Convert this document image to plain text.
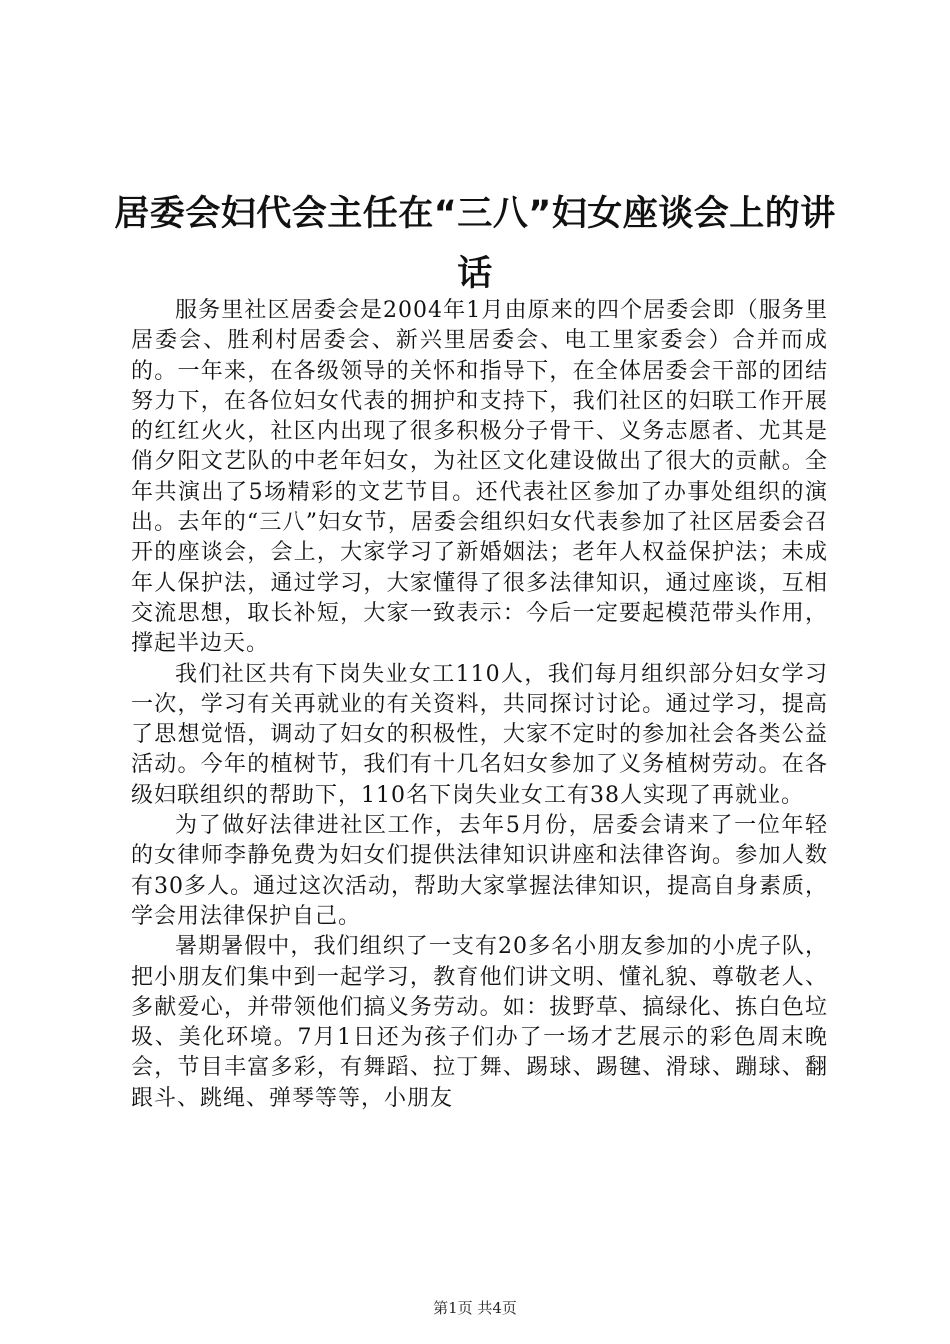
居委会妇代会主任在“三八”妇女座谈会上的讲话

服务里社区居委会是2004年1月由原来的四个居委会即（服务里居委会、胜利村居委会、新兴里居委会、电工里家委会）合并而成的。一年来，在各级领导的关怀和指导下，在全体居委会干部的团结努力下，在各位妇女代表的拥护和支持下，我们社区的妇联工作开展的红红火火，社区内出现了很多积极分子骨干、义务志愿者、尤其是俏夕阳文艺队的中老年妇女，为社区文化建设做出了很大的贡献。全年共演出了5场精彩的文艺节目。还代表社区参加了办事处组织的演出。去年的“三八”妇女节，居委会组织妇女代表参加了社区居委会召开的座谈会，会上，大家学习了新婚姻法；老年人权益保护法；未成年人保护法，通过学习，大家懂得了很多法律知识，通过座谈，互相交流思想，取长补短，大家一致表示：今后一定要起模范带头作用，撑起半边天。

我们社区共有下岗失业女工110人，我们每月组织部分妇女学习一次，学习有关再就业的有关资料，共同探讨讨论。通过学习，提高了思想觉悟，调动了妇女的积极性，大家不定时的参加社会各类公益活动。今年的植树节，我们有十几名妇女参加了义务植树劳动。在各级妇联组织的帮助下，110名下岗失业女工有38人实现了再就业。

为了做好法律进社区工作，去年5月份，居委会请来了一位年轻的女律师李静免费为妇女们提供法律知识讲座和法律咨询。参加人数有30多人。通过这次活动，帮助大家掌握法律知识，提高自身素质，学会用法律保护自己。

暑期暑假中，我们组织了一支有20多名小朋友参加的小虎子队，把小朋友们集中到一起学习，教育他们讲文明、懂礼貌、尊敬老人、多献爱心，并带领他们搞义务劳动。如：拔野草、搞绿化、拣白色垃圾、美化环境。7月1日还为孩子们办了一场才艺展示的彩色周末晚会，节目丰富多彩，有舞蹈、拉丁舞、踢球、踢毽、滑球、蹦球、翻跟斗、跳绳、弹琴等等，小朋友

第1页 共4页
